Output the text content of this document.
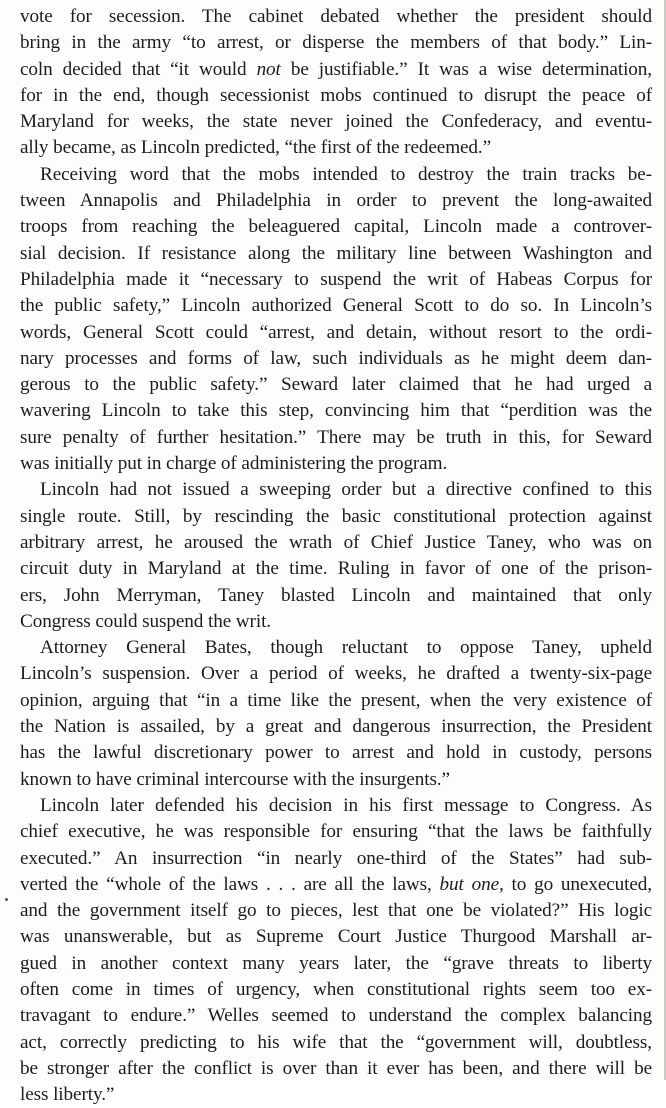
vote for secession. The cabinet debated whether the president should
bring in the army “to arrest, or disperse the members of that body.” Lin-
coln decided that “it would not be justifiable.” It was a wise determination,
for in the end, though secessionist mobs continued to disrupt the peace of
Maryland for weeks, the state never joined the Confederacy, and eventu-
ally became, as Lincoln predicted, “the first of the redeemed.”
Receiving word that the mobs intended to destroy the train tracks be-
tween Annapolis and Philadelphia in order to prevent the long-awaited
troops from reaching the beleaguered capital, Lincoln made a controver-
sial decision. If resistance along the military line between Washington and
Philadelphia made it “necessary to suspend the writ of Habeas Corpus for
the public safety,” Lincoln authorized General Scott to do so. In Lincoln’s
words, General Scott could “arrest, and detain, without resort to the ordi-
nary processes and forms of law, such individuals as he might deem dan-
gerous to the public safety.” Seward later claimed that he had urged a
wavering Lincoln to take this step, convincing him that “perdition was the
sure penalty of further hesitation.” There may be truth in this, for Seward
was initially put in charge of administering the program.
Lincoln had not issued a sweeping order but a directive confined to this
single route. Still, by rescinding the basic constitutional protection against
arbitrary arrest, he aroused the wrath of Chief Justice Taney, who was on
circuit duty in Maryland at the time. Ruling in favor of one of the prison-
ers, John Merryman, Taney blasted Lincoln and maintained that only
Congress could suspend the writ.
Attorney General Bates, though reluctant to oppose Taney, upheld
Lincoln’s suspension. Over a period of weeks, he drafted a twenty-six-page
opinion, arguing that “in a time like the present, when the very existence of
the Nation is assailed, by a great and dangerous insurrection, the President
has the lawful discretionary power to arrest and hold in custody, persons
known to have criminal intercourse with the insurgents.”
Lincoln later defended his decision in his first message to Congress. As
chief executive, he was responsible for ensuring “that the laws be faithfully
executed.” An insurrection “in nearly one-third of the States” had sub-
verted the “whole of the laws . . . are all the laws, but one, to go unexecuted,
and the government itself go to pieces, lest that one be violated?” His logic
was unanswerable, but as Supreme Court Justice Thurgood Marshall ar-
gued in another context many years later, the “grave threats to liberty
often come in times of urgency, when constitutional rights seem too ex-
travagant to endure.” Welles seemed to understand the complex balancing
act, correctly predicting to his wife that the “government will, doubtless,
be stronger after the conflict is over than it ever has been, and there will be
less liberty.”
